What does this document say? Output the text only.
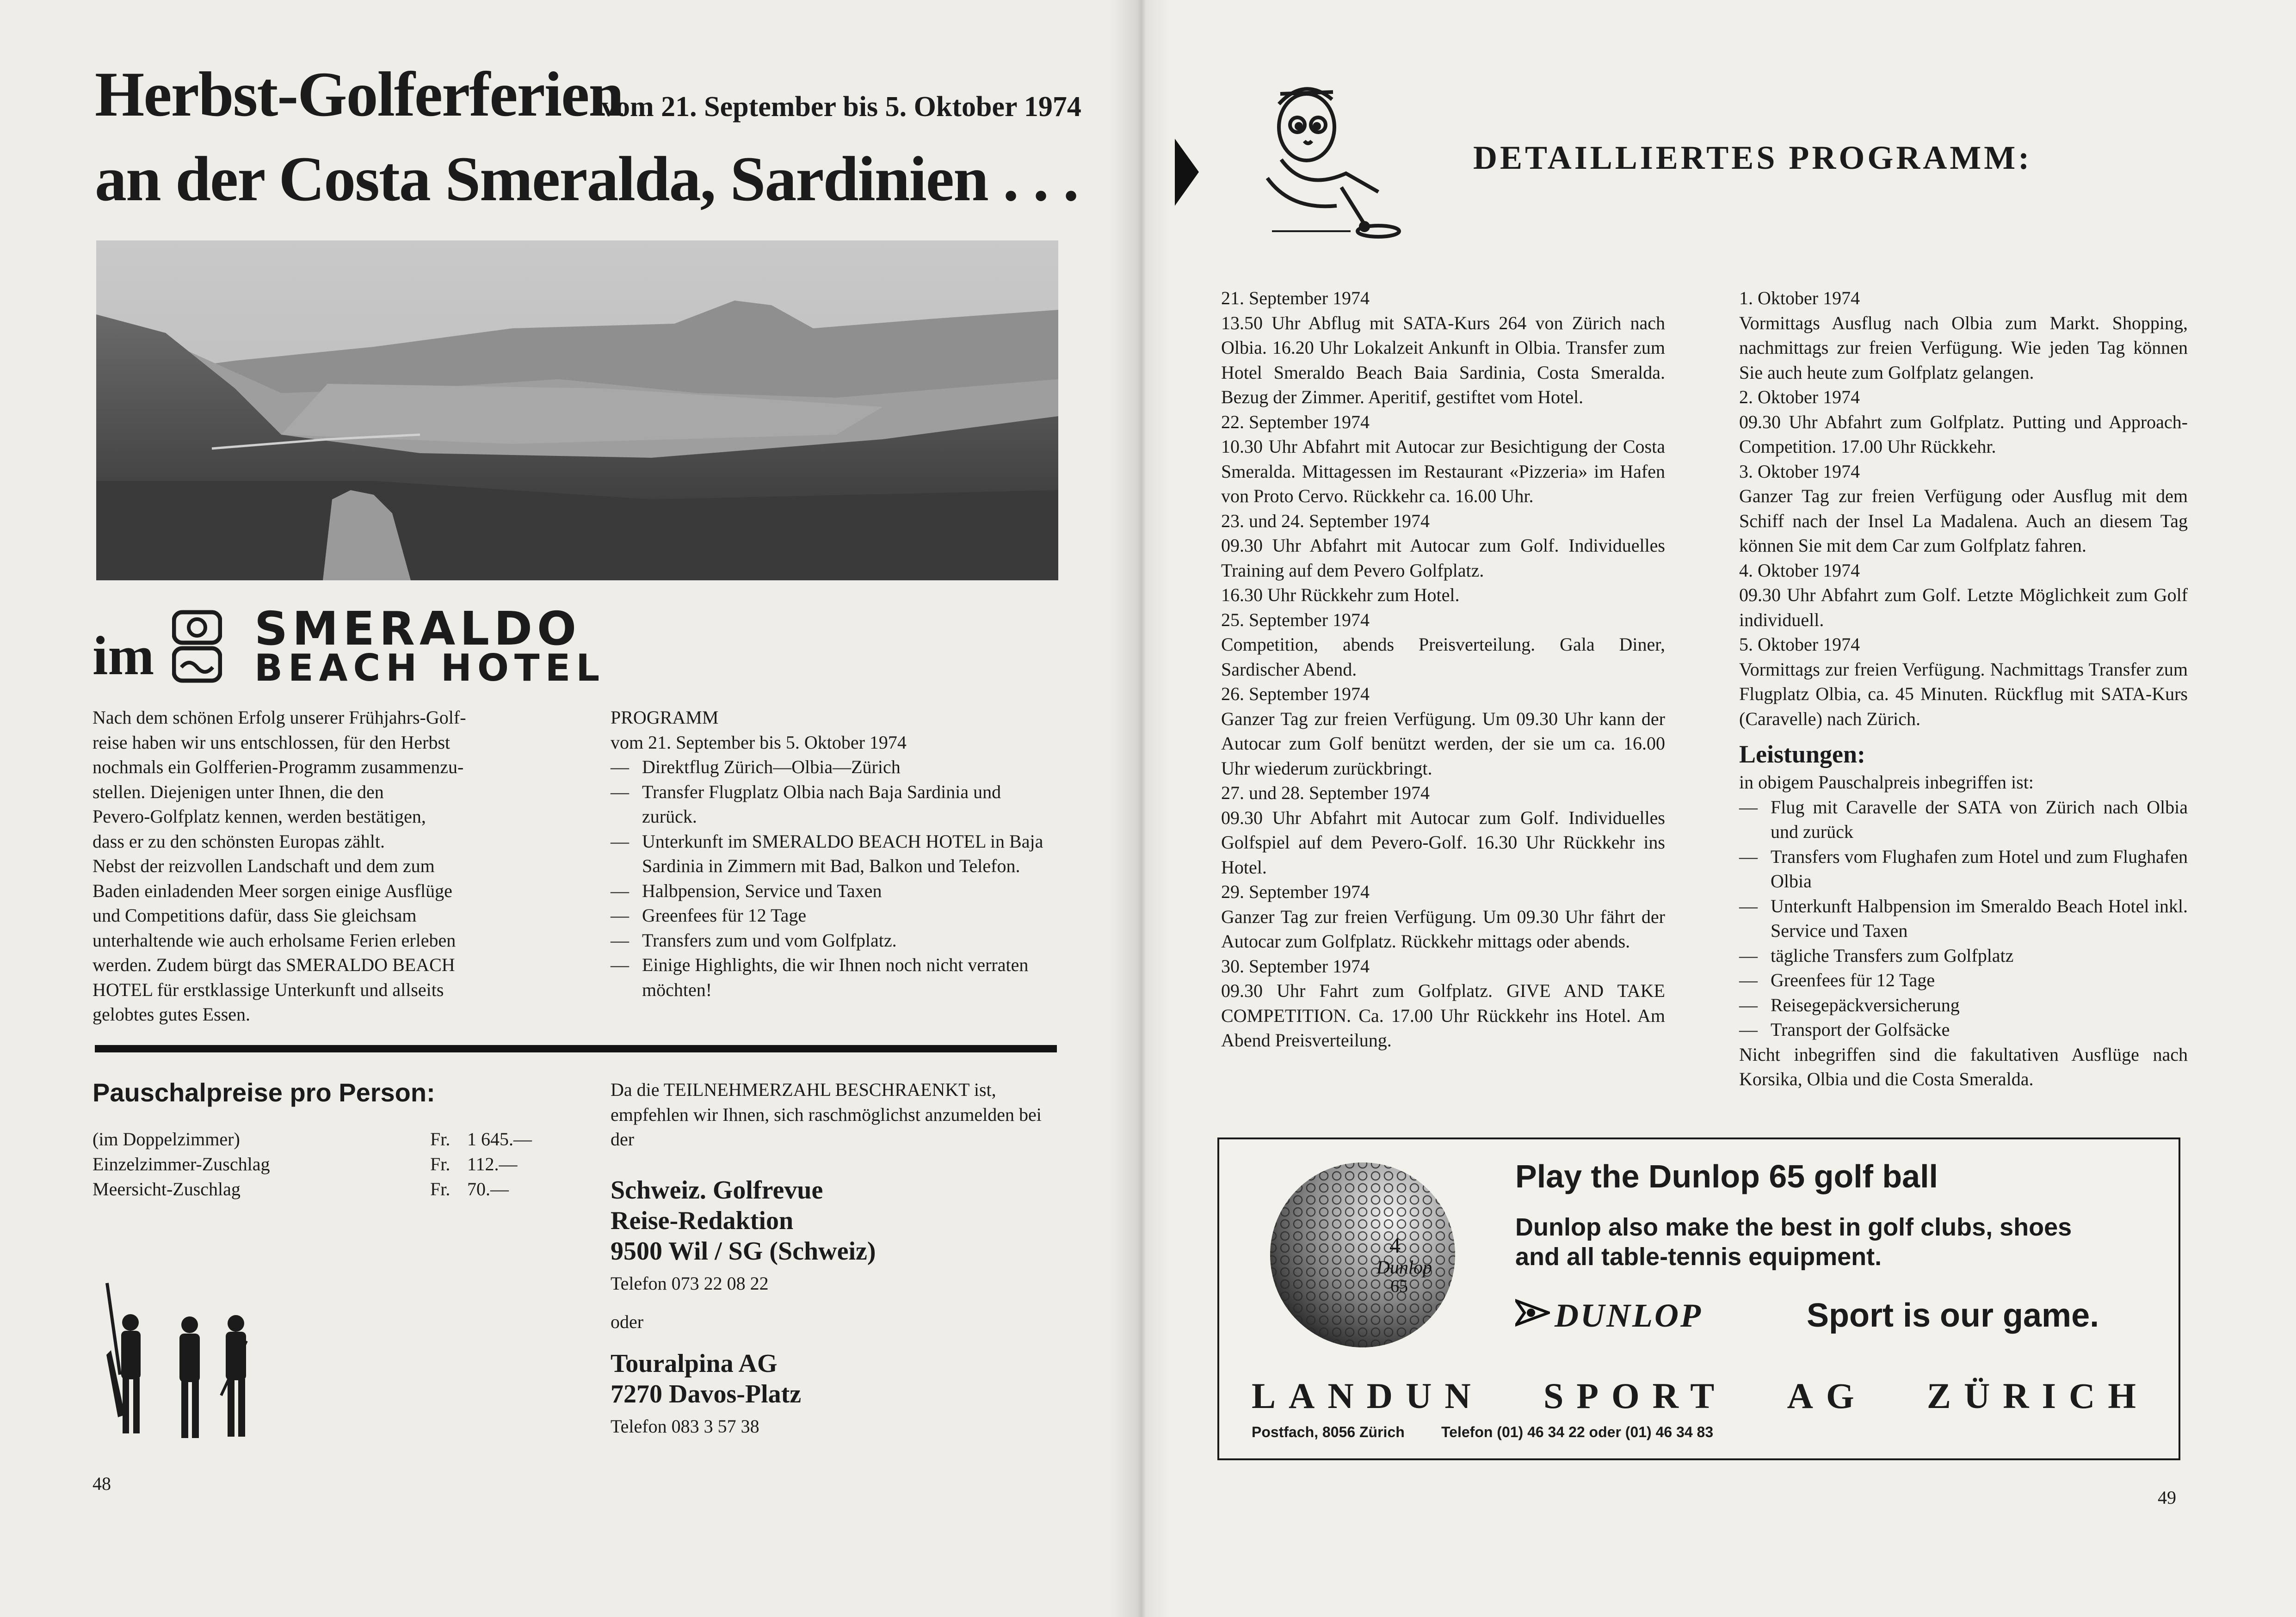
Herbst-Golferferien
vom 21. September bis 5. Oktober 1974
an der Costa Smeralda, Sardinien . . .
im SMERALDO
BEACH HOTEL
Nach dem schönen Erfolg unserer Frühjahrs-Golf-
reise haben wir uns entschlossen, für den Herbst
nochmals ein Golfferien-Programm zusammenzu-
stellen. Diejenigen unter Ihnen, die den
Pevero-Golfplatz kennen, werden bestätigen,
dass er zu den schönsten Europas zählt.
Nebst der reizvollen Landschaft und dem zum
Baden einladenden Meer sorgen einige Ausflüge
und Competitions dafür, dass Sie gleichsam
unterhaltende wie auch erholsame Ferien erleben
werden. Zudem bürgt das SMERALDO BEACH
HOTEL für erstklassige Unterkunft und allseits
gelobtes gutes Essen.
PROGRAMM
vom 21. September bis 5. Oktober 1974
— Direktflug Zürich—Olbia—Zürich
— Transfer Flugplatz Olbia nach Baja Sardinia und zurück.
— Unterkunft im SMERALDO BEACH HOTEL in Baja Sardinia in Zimmern mit Bad, Balkon und Telefon.
— Halbpension, Service und Taxen
— Greenfees für 12 Tage
— Transfers zum und vom Golfplatz.
— Einige Highlights, die wir Ihnen noch nicht verraten möchten!
Pauschalpreise pro Person:
(im Doppelzimmer)	Fr. 1 645.—
Einzelzimmer-Zuschlag	Fr. 112.—
Meersicht-Zuschlag	Fr. 70.—
Da die TEILNEHMERZAHL BESCHRAENKT ist, empfehlen wir Ihnen, sich raschmöglichst anzumelden bei der
Schweiz. Golfrevue
Reise-Redaktion
9500 Wil / SG (Schweiz)
Telefon 073 22 08 22
oder
Touralpina AG
7270 Davos-Platz
Telefon 083 3 57 38
48
DETAILLIERTES PROGRAMM:
21. September 1974
13.50 Uhr Abflug mit SATA-Kurs 264 von Zürich nach Olbia. 16.20 Uhr Lokalzeit Ankunft in Olbia. Transfer zum Hotel Smeraldo Beach Baia Sardinia, Costa Smeralda. Bezug der Zimmer. Aperitif, gestiftet vom Hotel.
22. September 1974
10.30 Uhr Abfahrt mit Autocar zur Besichtigung der Costa Smeralda. Mittagessen im Restaurant «Pizzeria» im Hafen von Proto Cervo. Rückkehr ca. 16.00 Uhr.
23. und 24. September 1974
09.30 Uhr Abfahrt mit Autocar zum Golf. Individuelles Training auf dem Pevero Golfplatz.
16.30 Uhr Rückkehr zum Hotel.
25. September 1974
Competition, abends Preisverteilung. Gala Diner, Sardischer Abend.
26. September 1974
Ganzer Tag zur freien Verfügung. Um 09.30 Uhr kann der Autocar zum Golf benützt werden, der sie um ca. 16.00 Uhr wiederum zurückbringt.
27. und 28. September 1974
09.30 Uhr Abfahrt mit Autocar zum Golf. Individuelles Golfspiel auf dem Pevero-Golf. 16.30 Uhr Rückkehr ins Hotel.
29. September 1974
Ganzer Tag zur freien Verfügung. Um 09.30 Uhr fährt der Autocar zum Golfplatz. Rückkehr mittags oder abends.
30. September 1974
09.30 Uhr Fahrt zum Golfplatz. GIVE AND TAKE COMPETITION. Ca. 17.00 Uhr Rückkehr ins Hotel. Am Abend Preisverteilung.
1. Oktober 1974
Vormittags Ausflug nach Olbia zum Markt. Shopping, nachmittags zur freien Verfügung. Wie jeden Tag können Sie auch heute zum Golfplatz gelangen.
2. Oktober 1974
09.30 Uhr Abfahrt zum Golfplatz. Putting und Approach-Competition. 17.00 Uhr Rückkehr.
3. Oktober 1974
Ganzer Tag zur freien Verfügung oder Ausflug mit dem Schiff nach der Insel La Madalena. Auch an diesem Tag können Sie mit dem Car zum Golfplatz fahren.
4. Oktober 1974
09.30 Uhr Abfahrt zum Golf. Letzte Möglichkeit zum Golf individuell.
5. Oktober 1974
Vormittags zur freien Verfügung. Nachmittags Transfer zum Flugplatz Olbia, ca. 45 Minuten. Rückflug mit SATA-Kurs (Caravelle) nach Zürich.
Leistungen:
in obigem Pauschalpreis inbegriffen ist:
— Flug mit Caravelle der SATA von Zürich nach Olbia und zurück
— Transfers vom Flughafen zum Hotel und zum Flughafen Olbia
— Unterkunft Halbpension im Smeraldo Beach Hotel inkl. Service und Taxen
— tägliche Transfers zum Golfplatz
— Greenfees für 12 Tage
— Reisegepäckversicherung
— Transport der Golfsäcke
Nicht inbegriffen sind die fakultativen Ausflüge nach Korsika, Olbia und die Costa Smeralda.
4
Dunlop
65
Play the Dunlop 65 golf ball
Dunlop also make the best in golf clubs, shoes
and all table-tennis equipment.
DUNLOP	Sport is our game.
LANDUN SPORT AG ZÜRICH
Postfach, 8056 Zürich Telefon (01) 46 34 22 oder (01) 46 34 83
49
